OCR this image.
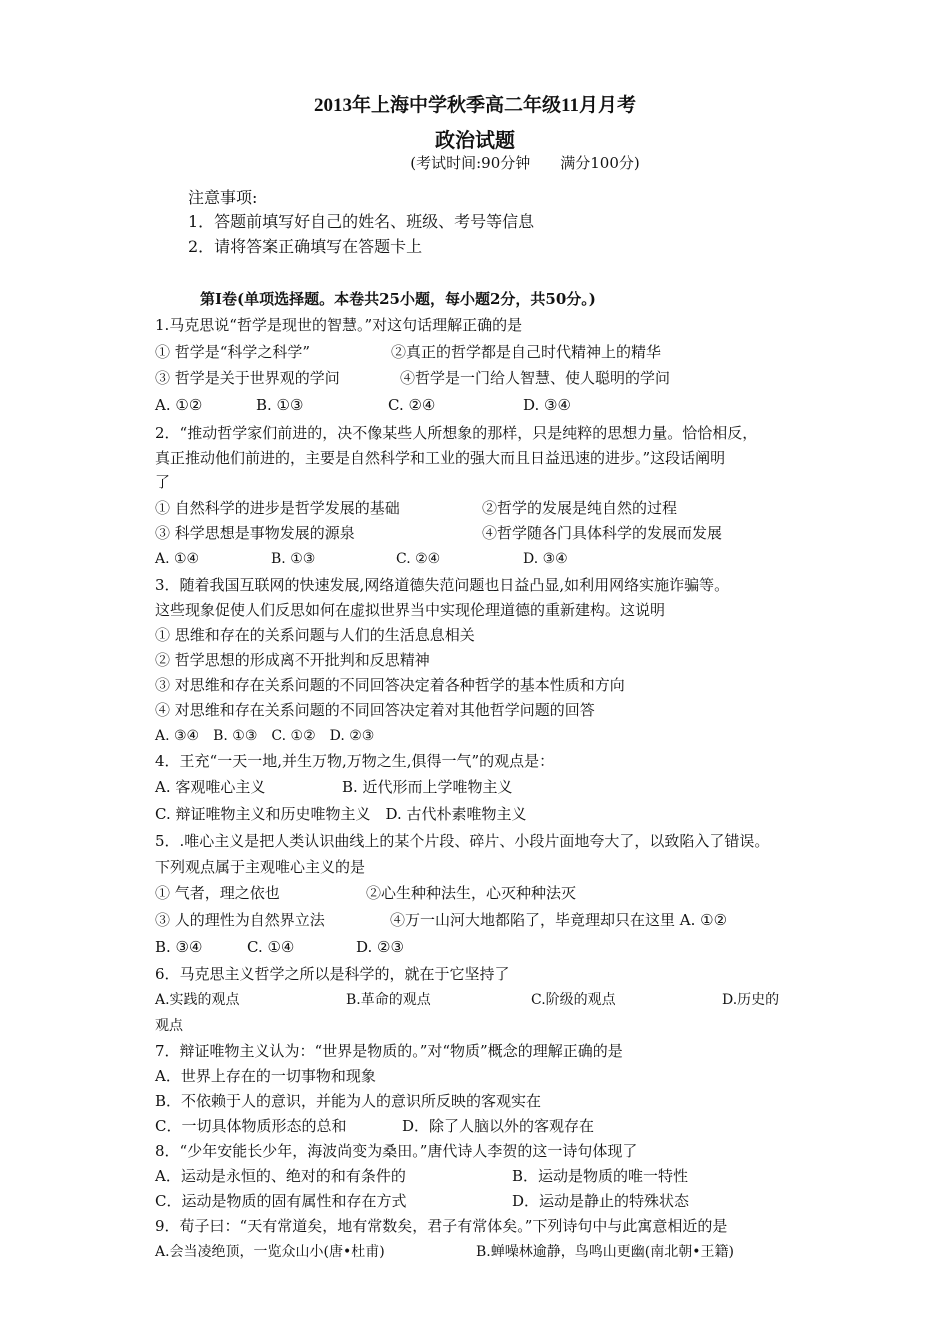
2013年上海中学秋季高二年级11月月考
政治试题
(考试时间:90分钟　　满分100分)
注意事项:
1．答题前填写好自己的姓名、班级、考号等信息
2．请将答案正确填写在答题卡上
第Ⅰ卷(单项选择题。本卷共25小题，每小题2分，共50分。)
1.马克思说“哲学是现世的智慧。”对这句话理解正确的是
① 哲学是“科学之科学”	②真正的哲学都是自己时代精神上的精华
③ 哲学是关于世界观的学问	④哲学是一门给人智慧、使人聪明的学问
A. ①②	B. ①③	C. ②④	D. ③④
2．“推动哲学家们前进的，决不像某些人所想象的那样，只是纯粹的思想力量。恰恰相反，
真正推动他们前进的，主要是自然科学和工业的强大而且日益迅速的进步。”这段话阐明
了
① 自然科学的进步是哲学发展的基础	②哲学的发展是纯自然的过程
③ 科学思想是事物发展的源泉	④哲学随各门具体科学的发展而发展
A. ①④	B. ①③	C. ②④	D. ③④
3．随着我国互联网的快速发展,网络道德失范问题也日益凸显,如利用网络实施诈骗等。
这些现象促使人们反思如何在虚拟世界当中实现伦理道德的重新建构。这说明
① 思维和存在的关系问题与人们的生活息息相关
② 哲学思想的形成离不开批判和反思精神
③ 对思维和存在关系问题的不同回答决定着各种哲学的基本性质和方向
④ 对思维和存在关系问题的不同回答决定着对其他哲学问题的回答
A. ③④　B. ①③　C. ①②　D. ②③
4．王充“一天一地,并生万物,万物之生,俱得一气”的观点是：
A. 客观唯心主义	B. 近代形而上学唯物主义
C. 辩证唯物主义和历史唯物主义　D. 古代朴素唯物主义
5．.唯心主义是把人类认识曲线上的某个片段、碎片、小段片面地夸大了，以致陷入了错误。
下列观点属于主观唯心主义的是
① 气者，理之依也	②心生种种法生，心灭种种法灭
③ 人的理性为自然界立法	④万一山河大地都陷了，毕竟理却只在这里 A. ①②
B. ③④	C. ①④	D. ②③
6．马克思主义哲学之所以是科学的，就在于它坚持了
A.实践的观点	B.革命的观点	C.阶级的观点	D.历史的
观点
7．辩证唯物主义认为：“世界是物质的。”对“物质”概念的理解正确的是
A．世界上存在的一切事物和现象
B．不依赖于人的意识，并能为人的意识所反映的客观实在
C．一切具体物质形态的总和	D．除了人脑以外的客观存在
8．“少年安能长少年，海波尚变为桑田。”唐代诗人李贺的这一诗句体现了
A．运动是永恒的、绝对的和有条件的	B．运动是物质的唯一特性
C．运动是物质的固有属性和存在方式	D．运动是静止的特殊状态
9．荀子曰：“天有常道矣，地有常数矣，君子有常体矣。”下列诗句中与此寓意相近的是
A.会当凌绝顶，一览众山小(唐•杜甫)	B.蝉噪林逾静，鸟鸣山更幽(南北朝•王籍)
